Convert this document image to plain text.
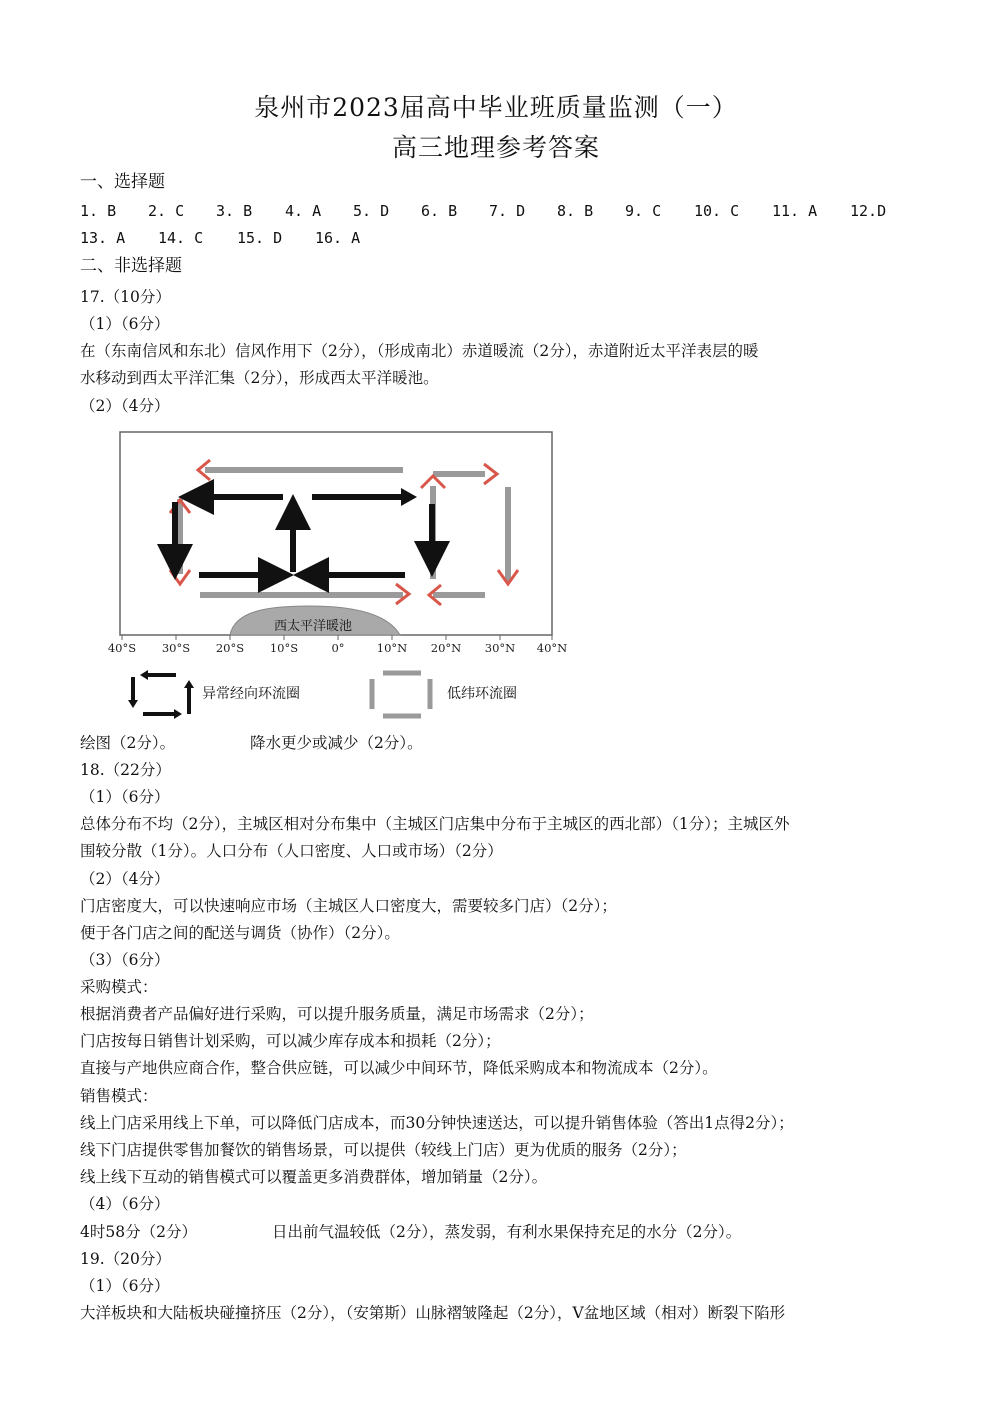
泉州市2023届高中毕业班质量监测（一）
高三地理参考答案
一、选择题
1. B 2. C 3. B 4. A 5. D 6. B 7. D 8. B 9. C 10. C 11. A 12.D
13. A 14. C 15. D 16. A
二、非选择题
17.（10分）
（1）（6分）
在（东南信风和东北）信风作用下（2分），（形成南北）赤道暖流（2分），赤道附近太平洋表层的暖
水移动到西太平洋汇集（2分），形成西太平洋暖池。
（2）（4分）
西太平洋暖池
40°S 30°S 20°S 10°S	0°	10°N 20°N 30°N 40°N
异常经向环流圈	低纬环流圈
绘图（2分）。	降水更少或减少（2分）。
18.（22分）
（1）（6分）
总体分布不均（2分），主城区相对分布集中（主城区门店集中分布于主城区的西北部）（1分）；主城区外
围较分散（1分）。人口分布（人口密度、人口或市场）（2分）
（2）（4分）
门店密度大，可以快速响应市场（主城区人口密度大，需要较多门店）（2分）；
便于各门店之间的配送与调货（协作）（2分）。
（3）（6分）
采购模式：
根据消费者产品偏好进行采购，可以提升服务质量，满足市场需求（2分）；
门店按每日销售计划采购，可以减少库存成本和损耗（2分）；
直接与产地供应商合作，整合供应链，可以减少中间环节，降低采购成本和物流成本（2分）。
销售模式：
线上门店采用线上下单，可以降低门店成本，而30分钟快速送达，可以提升销售体验（答出1点得2分）；
线下门店提供零售加餐饮的销售场景，可以提供（较线上门店）更为优质的服务（2分）；
线上线下互动的销售模式可以覆盖更多消费群体，增加销量（2分）。
（4）（6分）
4时58分（2分）	日出前气温较低（2分），蒸发弱，有利水果保持充足的水分（2分）。
19.（20分）
（1）（6分）
大洋板块和大陆板块碰撞挤压（2分），（安第斯）山脉褶皱隆起（2分），V盆地区域（相对）断裂下陷形
